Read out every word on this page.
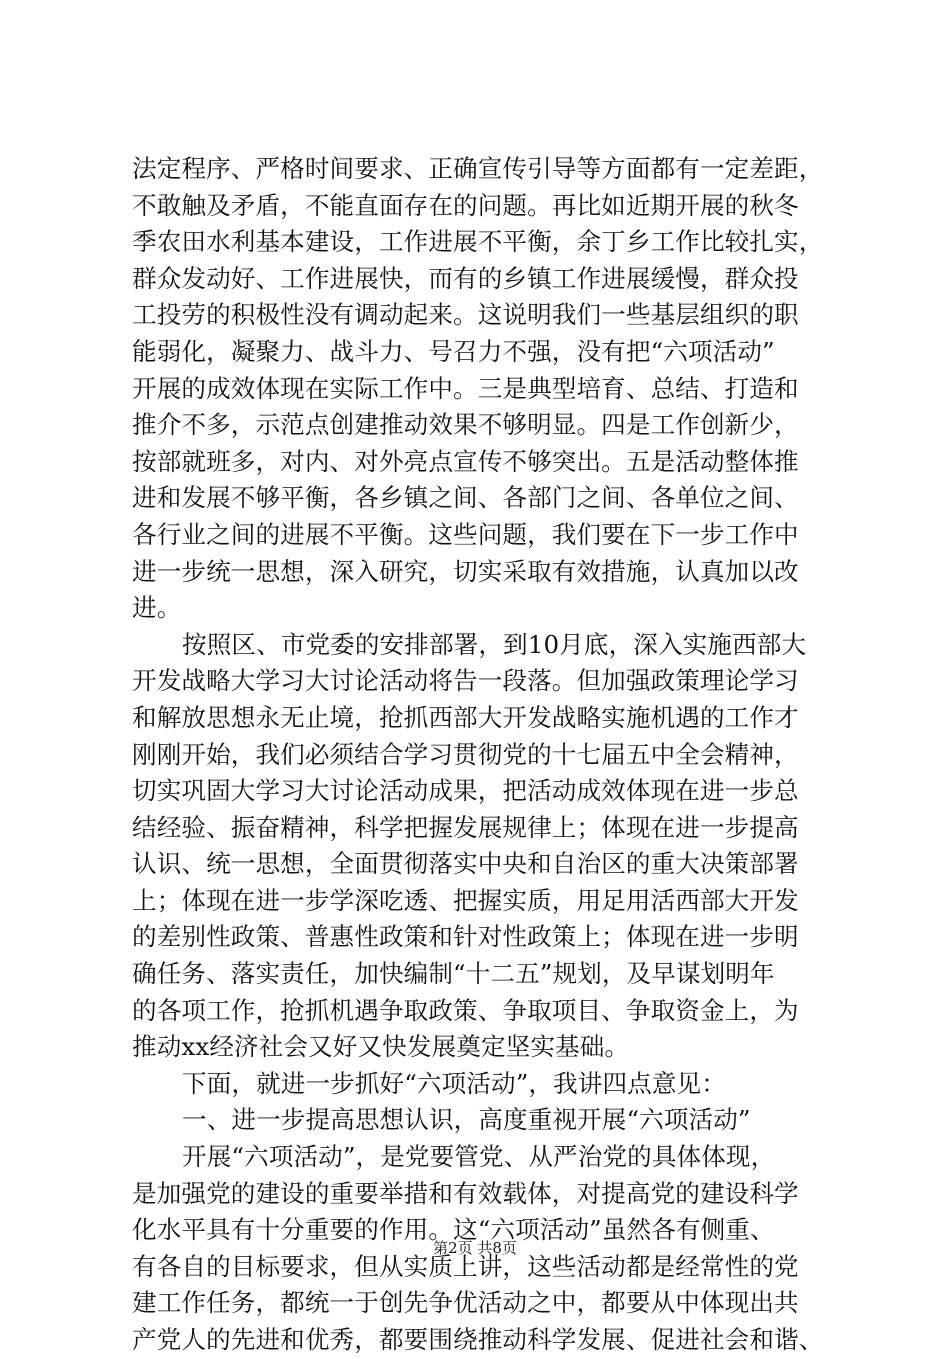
法定程序、严格时间要求、正确宣传引导等方面都有一定差距，
不敢触及矛盾，不能直面存在的问题。再比如近期开展的秋冬
季农田水利基本建设，工作进展不平衡，余丁乡工作比较扎实，
群众发动好、工作进展快，而有的乡镇工作进展缓慢，群众投
工投劳的积极性没有调动起来。这说明我们一些基层组织的职
能弱化，凝聚力、战斗力、号召力不强，没有把“六项活动”
开展的成效体现在实际工作中。三是典型培育、总结、打造和
推介不多，示范点创建推动效果不够明显。四是工作创新少，
按部就班多，对内、对外亮点宣传不够突出。五是活动整体推
进和发展不够平衡，各乡镇之间、各部门之间、各单位之间、
各行业之间的进展不平衡。这些问题，我们要在下一步工作中
进一步统一思想，深入研究，切实采取有效措施，认真加以改
进。
按照区、市党委的安排部署，到10月底，深入实施西部大
开发战略大学习大讨论活动将告一段落。但加强政策理论学习
和解放思想永无止境，抢抓西部大开发战略实施机遇的工作才
刚刚开始，我们必须结合学习贯彻党的十七届五中全会精神，
切实巩固大学习大讨论活动成果，把活动成效体现在进一步总
结经验、振奋精神，科学把握发展规律上；体现在进一步提高
认识、统一思想，全面贯彻落实中央和自治区的重大决策部署
上；体现在进一步学深吃透、把握实质，用足用活西部大开发
的差别性政策、普惠性政策和针对性政策上；体现在进一步明
确任务、落实责任，加快编制“十二五”规划，及早谋划明年
的各项工作，抢抓机遇争取政策、争取项目、争取资金上，为
推动xx经济社会又好又快发展奠定坚实基础。
下面，就进一步抓好“六项活动”，我讲四点意见：
一、进一步提高思想认识，高度重视开展“六项活动”
开展“六项活动”，是党要管党、从严治党的具体体现，
是加强党的建设的重要举措和有效载体，对提高党的建设科学
化水平具有十分重要的作用。这“六项活动”虽然各有侧重、
有各自的目标要求，但从实质上讲，这些活动都是经常性的党
建工作任务，都统一于创先争优活动之中，都要从中体现出共
产党人的先进和优秀，都要围绕推动科学发展、促进社会和谐、
第2页 共8页
